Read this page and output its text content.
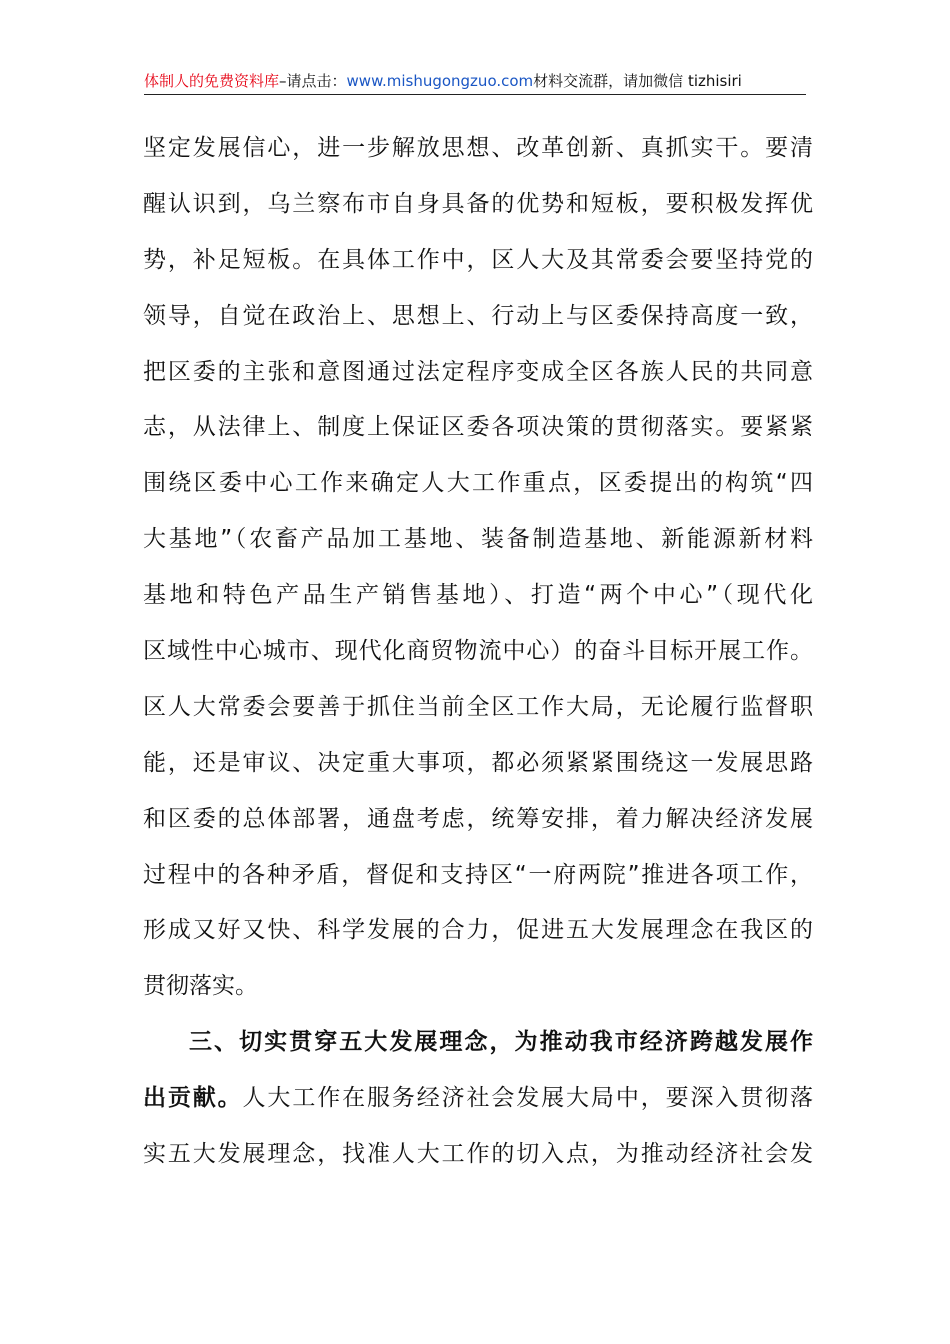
体制人的免费资料库–请点击：www.mishugongzuo.com材料交流群，请加微信 tizhisiri
坚定发展信心，进一步解放思想、改革创新、真抓实干。要清
醒认识到，乌兰察布市自身具备的优势和短板，要积极发挥优
势，补足短板。在具体工作中，区人大及其常委会要坚持党的
领导，自觉在政治上、思想上、行动上与区委保持高度一致，
把区委的主张和意图通过法定程序变成全区各族人民的共同意
志，从法律上、制度上保证区委各项决策的贯彻落实。要紧紧
围绕区委中心工作来确定人大工作重点，区委提出的构筑“四
大基地”（农畜产品加工基地、装备制造基地、新能源新材料
基地和特色产品生产销售基地）、打造“两个中心”（现代化
区域性中心城市、现代化商贸物流中心）的奋斗目标开展工作。
区人大常委会要善于抓住当前全区工作大局，无论履行监督职
能，还是审议、决定重大事项，都必须紧紧围绕这一发展思路
和区委的总体部署，通盘考虑，统筹安排，着力解决经济发展
过程中的各种矛盾，督促和支持区“一府两院”推进各项工作，
形成又好又快、科学发展的合力，促进五大发展理念在我区的
贯彻落实。
三、切实贯穿五大发展理念，为推动我市经济跨越发展作
出贡献。人大工作在服务经济社会发展大局中，要深入贯彻落
实五大发展理念，找准人大工作的切入点，为推动经济社会发
